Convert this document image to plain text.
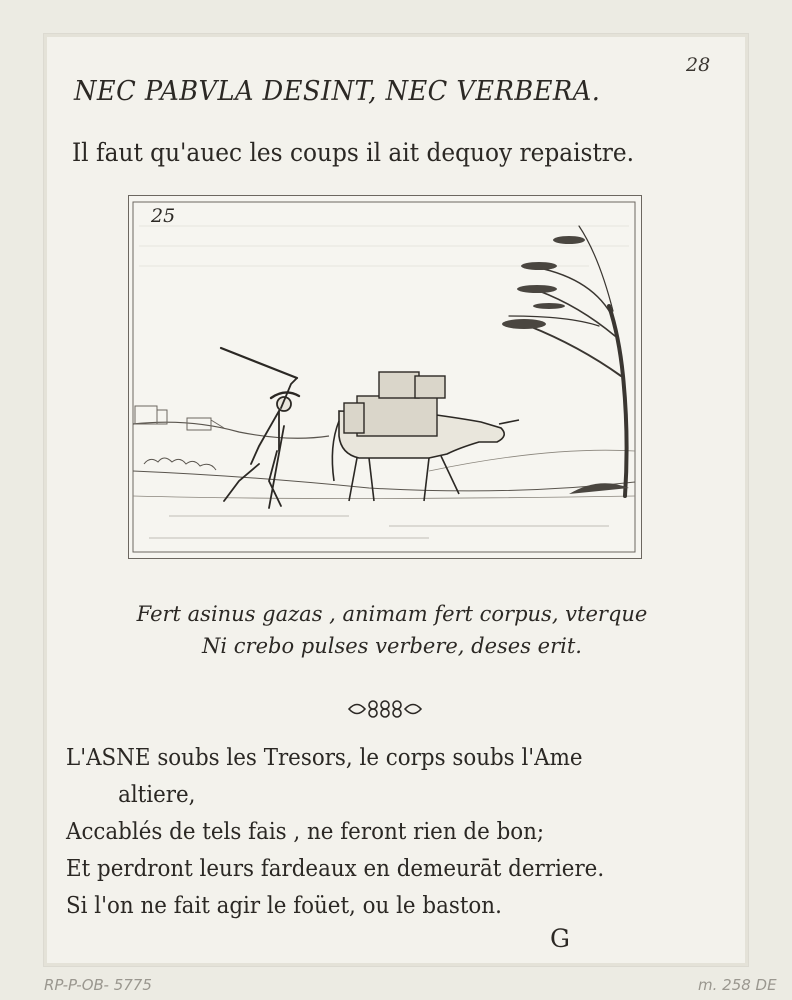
28
NEC PABVLA DESINT, NEC VERBERA.
Il faut qu'auec les coups il ait dequoy repaistre.
25
Fert asinus gazas , animam fert corpus, vterque
Ni crebo pulses verbere, deses erit.
L'ASNE soubs les Tresors, le corps soubs l'Ame
altiere,
Accablés de tels fais , ne feront rien de bon;
Et perdront leurs fardeaux en demeurāt derriere.
Si l'on ne fait agir le foüet, ou le baston.
G
RP-P-OB- 5775	m. 258 DE
